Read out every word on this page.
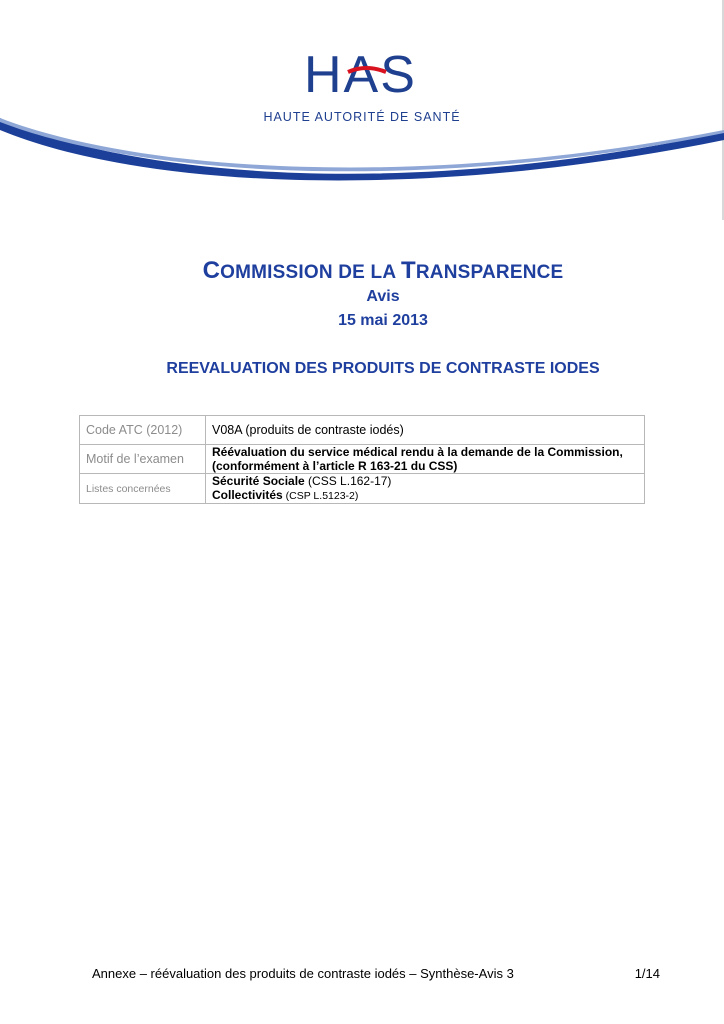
HAS
HAUTE AUTORITÉ DE SANTÉ
COMMISSION DE LA TRANSPARENCE
Avis
15 mai 2013
REEVALUATION DES PRODUITS DE CONTRASTE IODES
Code ATC (2012)	V08A (produits de contraste iodés)
Motif de l’examen	Réévaluation du service médical rendu à la demande de la Commission,
(conformément à l’article R 163-21 du CSS)

Listes concernées	Sécurité Sociale (CSS L.162-17)
Collectivités (CSP L.5123-2)
Annexe – réévaluation des produits de contraste iodés – Synthèse-Avis 3	1/14
